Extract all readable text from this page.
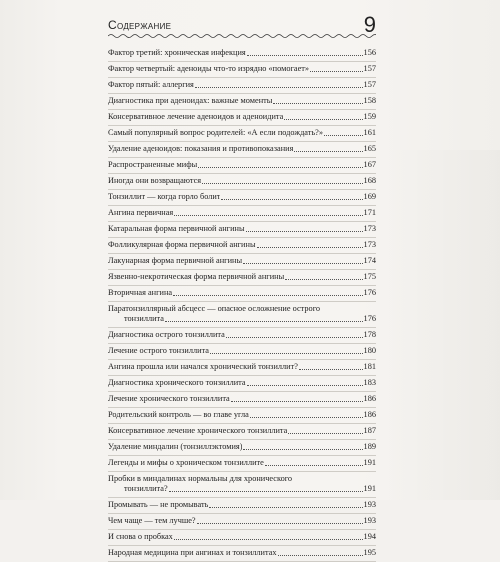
Содержание	9
Фактор третий: хроническая инфекция	156
Фактор четвертый: аденоиды что-то изрядно «помогает»	157
Фактор пятый: аллергия	157
Диагностика при аденоидах: важные моменты	158
Консервативное лечение аденоидов и аденоидита	159
Самый популярный вопрос родителей: «А если подождать?»	161
Удаление аденоидов: показания и противопоказания	165
Распространенные мифы	167
Иногда они возвращаются	168
Тонзиллит — когда горло болит	169
Ангина первичная	171
Катаральная форма первичной ангины	173
Фолликулярная форма первичной ангины	173
Лакунарная форма первичной ангины	174
Язвенно-некротическая форма первичной ангины	175
Вторичная ангина	176
Паратонзиллярный абсцесс — опасное осложнение острого
тонзиллита	176
Диагностика острого тонзиллита	178
Лечение острого тонзиллита	180
Ангина прошла или начался хронический тонзиллит?	181
Диагностика хронического тонзиллита	183
Лечение хронического тонзиллита	186
Родительский контроль — во главе угла	186
Консервативное лечение хронического тонзиллита	187
Удаление миндалин (тонзиллэктомия)	189
Легенды и мифы о хроническом тонзиллите	191
Пробки в миндалинах нормальны для хронического
тонзиллита?	191
Промывать — не промывать	193
Чем чаще — тем лучше?	193
И снова о пробках	194
Народная медицина при ангинах и тонзиллитах	195
